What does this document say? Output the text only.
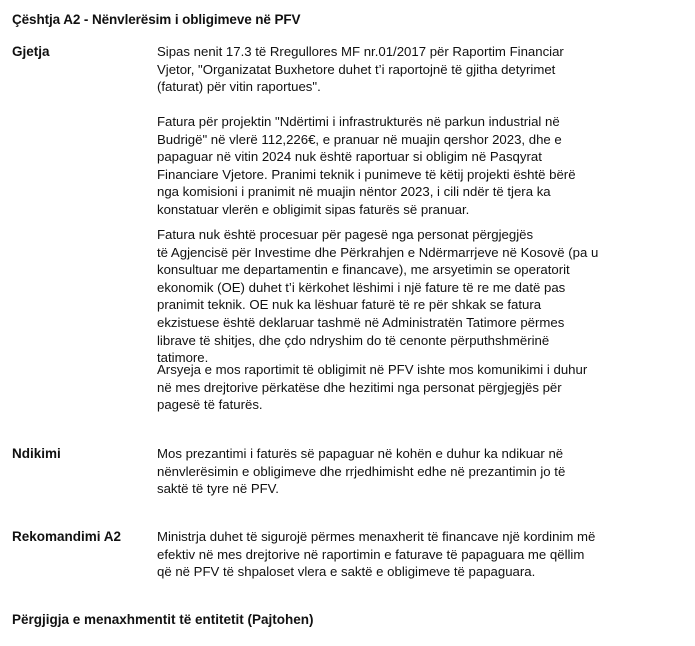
Çështja A2 - Nënvlerësim i obligimeve në PFV
Gjetja	Sipas nenit 17.3 të Rregullores MF nr.01/2017 për Raportim Financiar
Vjetor, "Organizatat Buxhetore duhet t’i raportojnë të gjitha detyrimet
(faturat) për vitin raportues".

Fatura për projektin "Ndërtimi i infrastrukturës në parkun industrial në
Budrigë" në vlerë 112,226€, e pranuar në muajin qershor 2023, dhe e
papaguar në vitin 2024 nuk është raportuar si obligim në Pasqyrat
Financiare Vjetore. Pranimi teknik i punimeve të këtij projekti është bërë
nga komisioni i pranimit në muajin nëntor 2023, i cili ndër të tjera ka
konstatuar vlerën e obligimit sipas faturës së pranuar.

Fatura nuk është procesuar për pagesë nga personat përgjegjës
të Agjencisë për Investime dhe Përkrahjen e Ndërmarrjeve në Kosovë (pa u
konsultuar me departamentin e financave), me arsyetimin se operatorit
ekonomik (OE) duhet t’i kërkohet lëshimi i një fature të re me datë pas
pranimit teknik. OE nuk ka lëshuar faturë të re për shkak se fatura
ekzistuese është deklaruar tashmë në Administratën Tatimore përmes
librave të shitjes, dhe çdo ndryshim do të cenonte përputhshmërinë
tatimore.

Arsyeja e mos raportimit të obligimit në PFV ishte mos komunikimi i duhur
në mes drejtorive përkatëse dhe hezitimi nga personat përgjegjës për
pagesë të faturës.

Ndikimi	Mos prezantimi i faturës së papaguar në kohën e duhur ka ndikuar në
nënvlerësimin e obligimeve dhe rrjedhimisht edhe në prezantimin jo të
saktë të tyre në PFV.

Rekomandimi A2	Ministrja duhet të sigurojë përmes menaxherit të financave një kordinim më
efektiv në mes drejtorive në raportimin e faturave të papaguara me qëllim
që në PFV të shpaloset vlera e saktë e obligimeve të papaguara.

Përgjigja e menaxhmentit të entitetit (Pajtohen)
